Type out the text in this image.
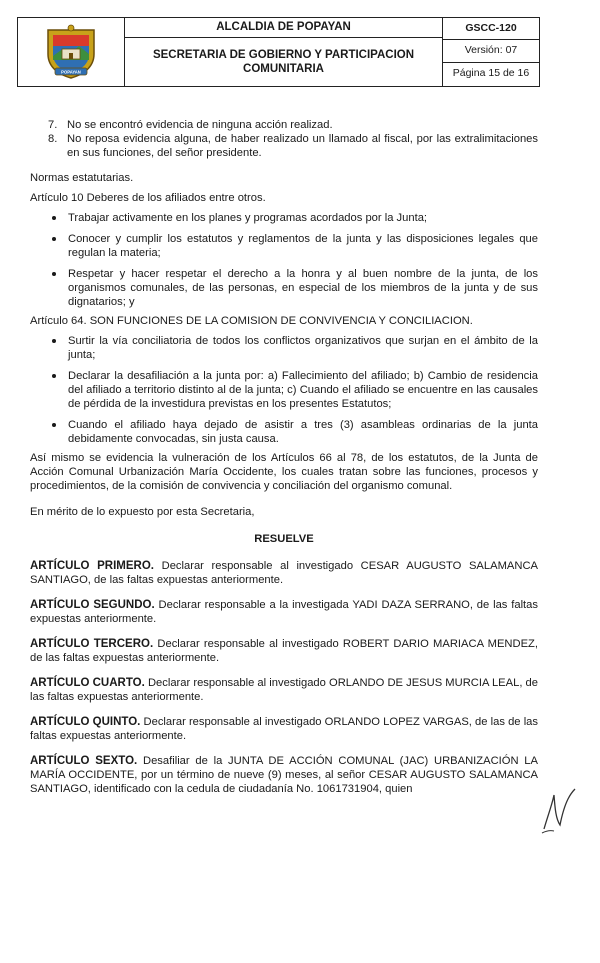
POPAYAN
ALCALDIA DE POPAYAN
SECRETARIA DE GOBIERNO Y PARTICIPACION
COMUNITARIA
GSCC-120
Versión: 07
Página 15 de 16
7. No se encontró evidencia de ninguna acción realizad.
8. No reposa evidencia alguna, de haber realizado un llamado al fiscal, por las extralimitaciones en sus funciones, del señor presidente.

Normas estatutarias.

Artículo 10 Deberes de los afiliados entre otros.

Trabajar activamente en los planes y programas acordados por la Junta;
Conocer y cumplir los estatutos y reglamentos de la junta y las disposiciones legales que regulan la materia;
Respetar y hacer respetar el derecho a la honra y al buen nombre de la junta, de los organismos comunales, de las personas, en especial de los miembros de la junta y de sus dignatarios; y

Artículo 64. SON FUNCIONES DE LA COMISION DE CONVIVENCIA Y CONCILIACION.

Surtir la vía conciliatoria de todos los conflictos organizativos que surjan en el ámbito de la junta;
Declarar la desafiliación a la junta por: a) Fallecimiento del afiliado; b) Cambio de residencia del afiliado a territorio distinto al de la junta; c) Cuando el afiliado se encuentre en las causales de pérdida de la investidura previstas en los presentes Estatutos;
Cuando el afiliado haya dejado de asistir a tres (3) asambleas ordinarias de la junta debidamente convocadas, sin justa causa.

Así mismo se evidencia la vulneración de los Artículos 66 al 78, de los estatutos, de la Junta de Acción Comunal Urbanización María Occidente, los cuales tratan sobre las funciones, procesos y procedimientos, de la comisión de convivencia y conciliación del organismo comunal.

En mérito de lo expuesto por esta Secretaria,

RESUELVE

ARTÍCULO PRIMERO. Declarar responsable al investigado CESAR AUGUSTO SALAMANCA SANTIAGO, de las faltas expuestas anteriormente.

ARTÍCULO SEGUNDO. Declarar responsable a la investigada YADI DAZA SERRANO, de las faltas expuestas anteriormente.

ARTÍCULO TERCERO. Declarar responsable al investigado ROBERT DARIO MARIACA MENDEZ, de las faltas expuestas anteriormente.

ARTÍCULO CUARTO. Declarar responsable al investigado ORLANDO DE JESUS MURCIA LEAL, de las faltas expuestas anteriormente.

ARTÍCULO QUINTO. Declarar responsable al investigado ORLANDO LOPEZ VARGAS, de las de las faltas expuestas anteriormente.

ARTÍCULO SEXTO. Desafiliar de la JUNTA DE ACCIÓN COMUNAL (JAC) URBANIZACIÓN LA MARÍA OCCIDENTE, por un término de nueve (9) meses, al señor CESAR AUGUSTO SALAMANCA SANTIAGO, identificado con la cedula de ciudadanía No. 1061731904, quien
